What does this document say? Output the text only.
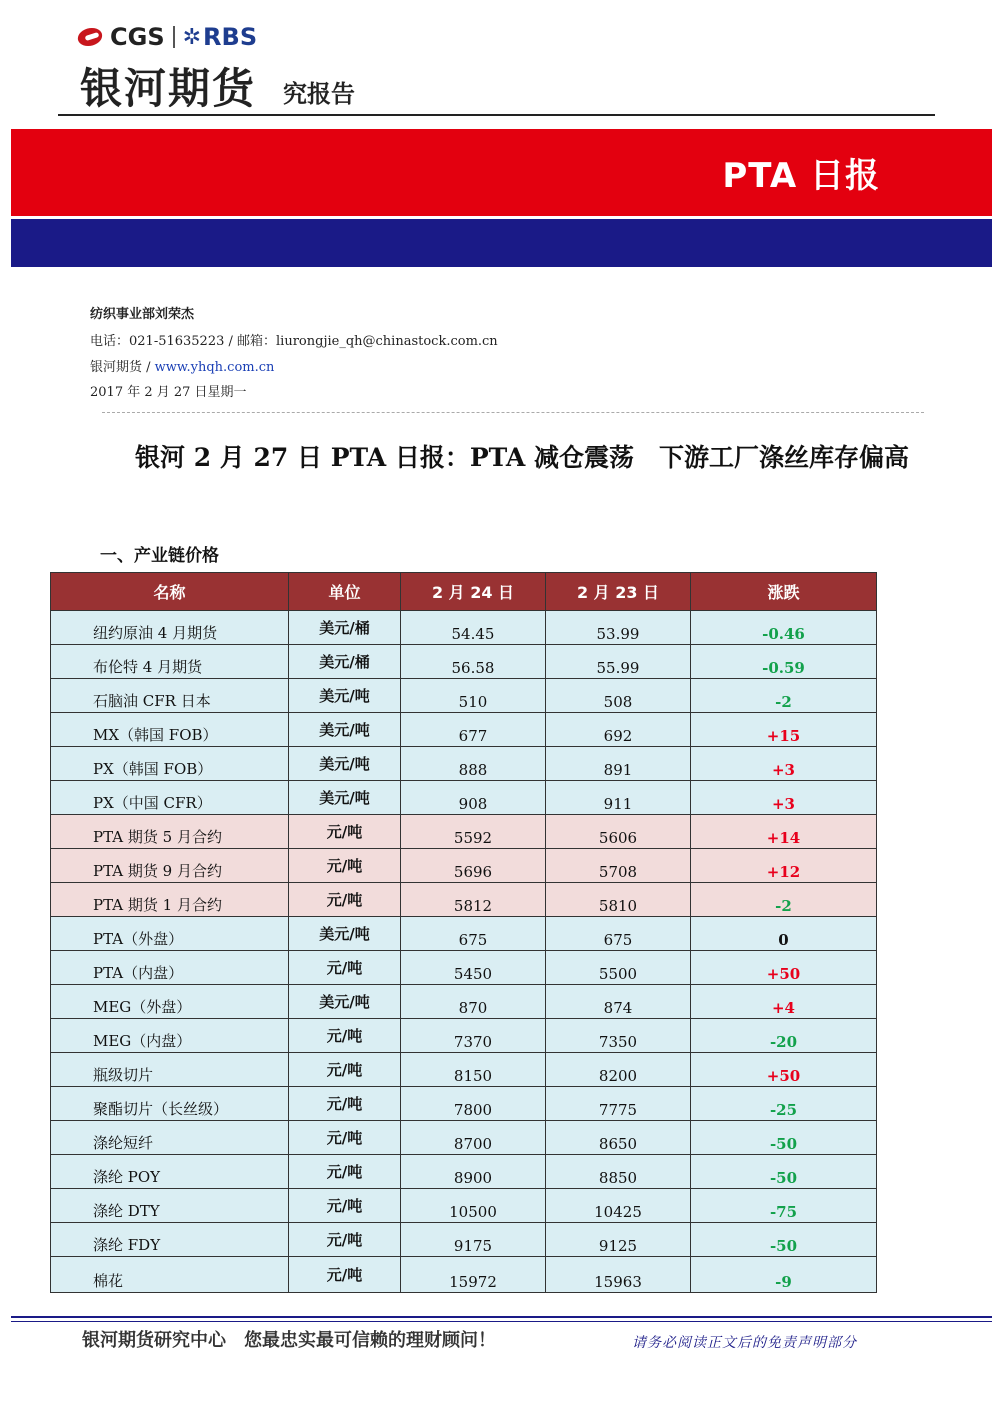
CGS ✲ RBS
银河期货 究报告
PTA 日报
纺织事业部刘荣杰
电话：021-51635223 / 邮箱：liurongjie_qh@chinastock.com.cn
银河期货 / www.yhqh.com.cn
2017 年 2 月 27 日星期一
银河 2 月 27 日 PTA 日报：PTA 减仓震荡　下游工厂涤丝库存偏高
一、产业链价格
名称	单位	2 月 24 日	2 月 23 日	涨跌
纽约原油 4 月期货	美元/桶	54.45	53.99	-0.46
布伦特 4 月期货	美元/桶	56.58	55.99	-0.59
石脑油 CFR 日本	美元/吨	510	508	-2
MX（韩国 FOB）	美元/吨	677	692	+15
PX（韩国 FOB）	美元/吨	888	891	+3
PX（中国 CFR）	美元/吨	908	911	+3
PTA 期货 5 月合约	元/吨	5592	5606	+14
PTA 期货 9 月合约	元/吨	5696	5708	+12
PTA 期货 1 月合约	元/吨	5812	5810	-2
PTA（外盘）	美元/吨	675	675	0
PTA（内盘）	元/吨	5450	5500	+50
MEG（外盘）	美元/吨	870	874	+4
MEG（内盘）	元/吨	7370	7350	-20
瓶级切片	元/吨	8150	8200	+50
聚酯切片（长丝级）	元/吨	7800	7775	-25
涤纶短纤	元/吨	8700	8650	-50
涤纶 POY	元/吨	8900	8850	-50
涤纶 DTY	元/吨	10500	10425	-75
涤纶 FDY	元/吨	9175	9125	-50
棉花	元/吨	15972	15963	-9
银河期货研究中心　您最忠实最可信赖的理财顾问！	请务必阅读正文后的免责声明部分
